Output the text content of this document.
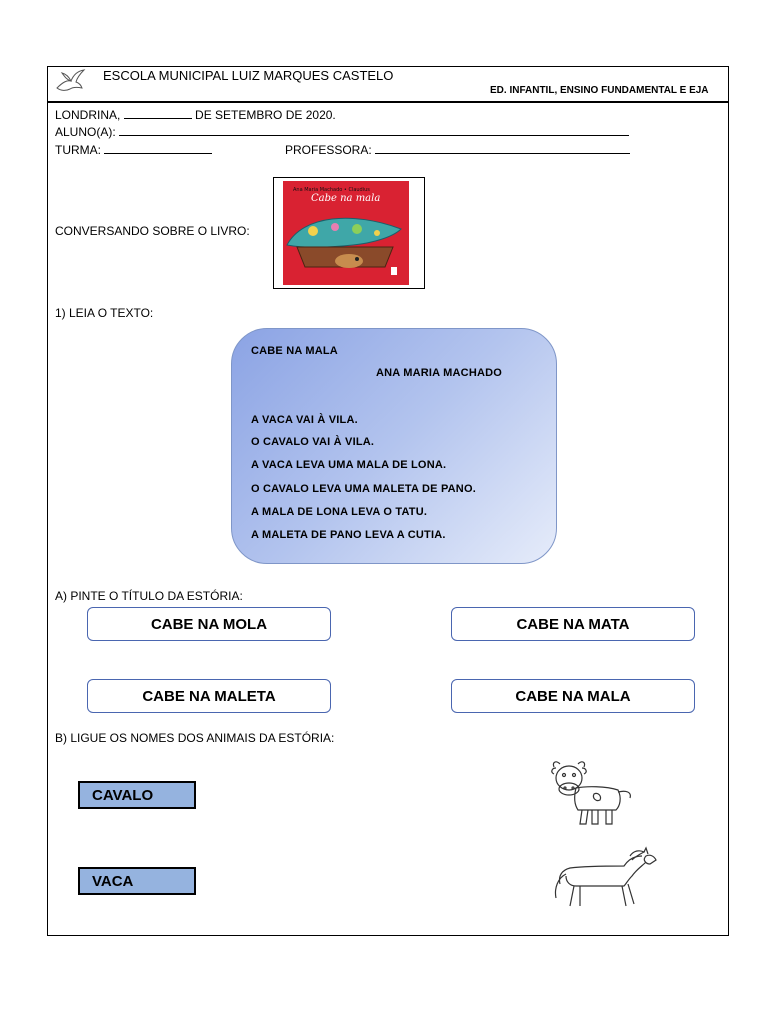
ESCOLA MUNICIPAL LUIZ MARQUES CASTELO
ED. INFANTIL, ENSINO FUNDAMENTAL E EJA
LONDRINA,	DE SETEMBRO DE 2020.
ALUNO(A):
TURMA:	PROFESSORA:
CONVERSANDO SOBRE O LIVRO:
Ana Maria Machado • Claudius
Cabe na mala
1) LEIA O TEXTO:
CABE NA MALA
ANA MARIA MACHADO
A VACA VAI À VILA.
O CAVALO VAI À VILA.
A VACA LEVA UMA MALA DE LONA.
O CAVALO LEVA UMA MALETA DE PANO.
A MALA DE LONA LEVA O TATU.
A MALETA DE PANO LEVA A CUTIA.
A) PINTE O TÍTULO DA ESTÓRIA:
CABE NA MOLA	CABE NA MATA
CABE NA MALETA	CABE NA MALA
B) LIGUE OS NOMES DOS ANIMAIS DA ESTÓRIA:
CAVALO
VACA
